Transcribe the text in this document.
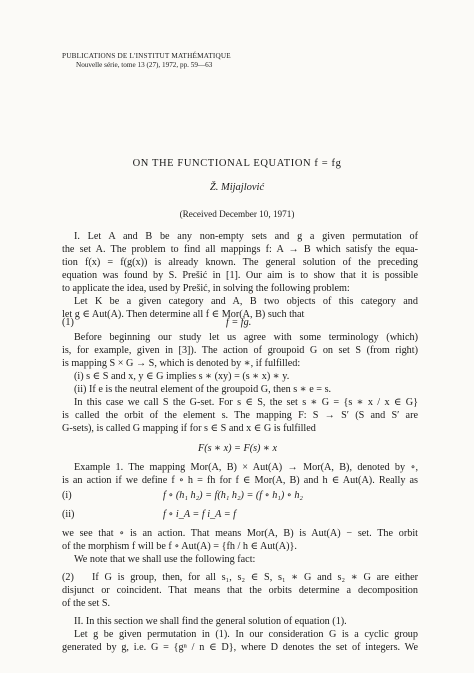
PUBLICATIONS DE L'INSTITUT MATHÉMATIQUE
Nouvelle série, tome 13 (27), 1972, pp. 59—63
ON THE FUNCTIONAL EQUATION f = fg
Ž. Mijajlović
(Received December 10, 1971)
I. Let A and B be any non-empty sets and g a given permutation of
the set A. The problem to find all mappings f: A → B which satisfy the equa-
tion f(x) = f(g(x)) is already known. The general solution of the preceding
equation was found by S. Prešić in [1]. Our aim is to show that it is possible
to applicate the idea, used by Prešić, in solving the following problem:
Let K be a given category and A, B two objects of this category and
let g ∈ Aut(A). Then determine all f ∈ Mor(A, B) such that
(1)	f = fg.
Before beginning our study let us agree with some terminology (which)
is, for example, given in [3]). The action of groupoid G on set S (from right)
is mapping S × G → S, which is denoted by ∗, if fulfilled:
(i) s ∈ S and x, y ∈ G implies s ∗ (xy) = (s ∗ x) ∗ y.
(ii) If e is the neutral element of the groupoid G, then s ∗ e = s.
In this case we call S the G-set. For s ∈ S, the set s ∗ G = {s ∗ x / x ∈ G}
is called the orbit of the element s. The mapping F: S → S′ (S and S′ are
G-sets), is called G mapping if for s ∈ S and x ∈ G is fulfilled
F(s ∗ x) = F(s) ∗ x
Example 1. The mapping Mor(A, B) × Aut(A) → Mor(A, B), denoted by ∘,
is an action if we define f ∘ h = fh for f ∈ Mor(A, B) and h ∈ Aut(A). Really as
(i)	f ∘ (h₁ h₂) = f(h₁ h₂) = (f ∘ h₁) ∘ h₂
(ii)	f ∘ i_A = f i_A = f
we see that ∘ is an action. That means Mor(A, B) is Aut(A) − set. The orbit
of the morphism f will be f ∘ Aut(A) = {fh / h ∈ Aut(A)}.
We note that we shall use the following fact:
(2) If G is group, then, for all s₁, s₂ ∈ S, s₁ ∗ G and s₂ ∗ G are either
disjunct or coincident. That means that the orbits determine a decomposition
of the set S.
II. In this section we shall find the general solution of equation (1).
Let g be given permutation in (1). In our consideration G is a cyclic group
generated by g, i.e. G = {gⁿ / n ∈ D}, where D denotes the set of integers. We
